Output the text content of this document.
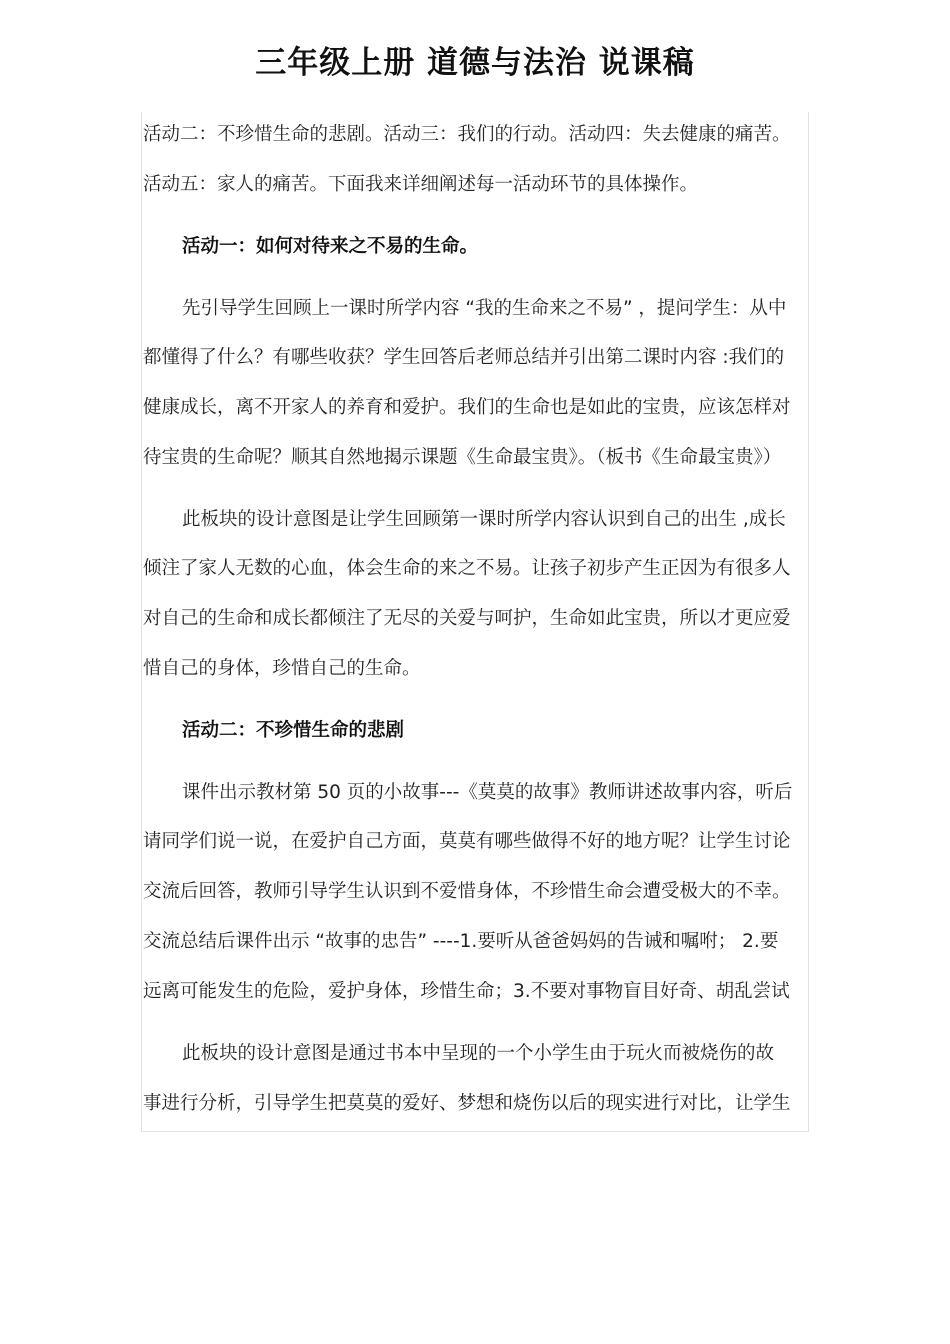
三年级上册 道德与法治 说课稿
活动二：不珍惜生命的悲剧。活动三：我们的行动。活动四：失去健康的痛苦。
活动五：家人的痛苦。下面我来详细阐述每一活动环节的具体操作。
活动一：如何对待来之不易的生命。
先引导学生回顾上一课时所学内容 “我的生命来之不易” ，提问学生：从中
都懂得了什么？有哪些收获？学生回答后老师总结并引出第二课时内容 :我们的
健康成长，离不开家人的养育和爱护。我们的生命也是如此的宝贵，应该怎样对
待宝贵的生命呢？顺其自然地揭示课题《生命最宝贵》。（板书《生命最宝贵》）
此板块的设计意图是让学生回顾第一课时所学内容认识到自己的出生 ,成长
倾注了家人无数的心血，体会生命的来之不易。让孩子初步产生正因为有很多人
对自己的生命和成长都倾注了无尽的关爱与呵护，生命如此宝贵，所以才更应爱
惜自己的身体，珍惜自己的生命。
活动二：不珍惜生命的悲剧
课件出示教材第 50 页的小故事---《莫莫的故事》教师讲述故事内容，听后
请同学们说一说，在爱护自己方面，莫莫有哪些做得不好的地方呢？让学生讨论
交流后回答，教师引导学生认识到不爱惜身体，不珍惜生命会遭受极大的不幸。
交流总结后课件出示 “故事的忠告” ----1.要听从爸爸妈妈的告诫和嘱咐； 2.要
远离可能发生的危险，爱护身体，珍惜生命；3.不要对事物盲目好奇、胡乱尝试
此板块的设计意图是通过书本中呈现的一个小学生由于玩火而被烧伤的故
事进行分析，引导学生把莫莫的爱好、梦想和烧伤以后的现实进行对比，让学生
